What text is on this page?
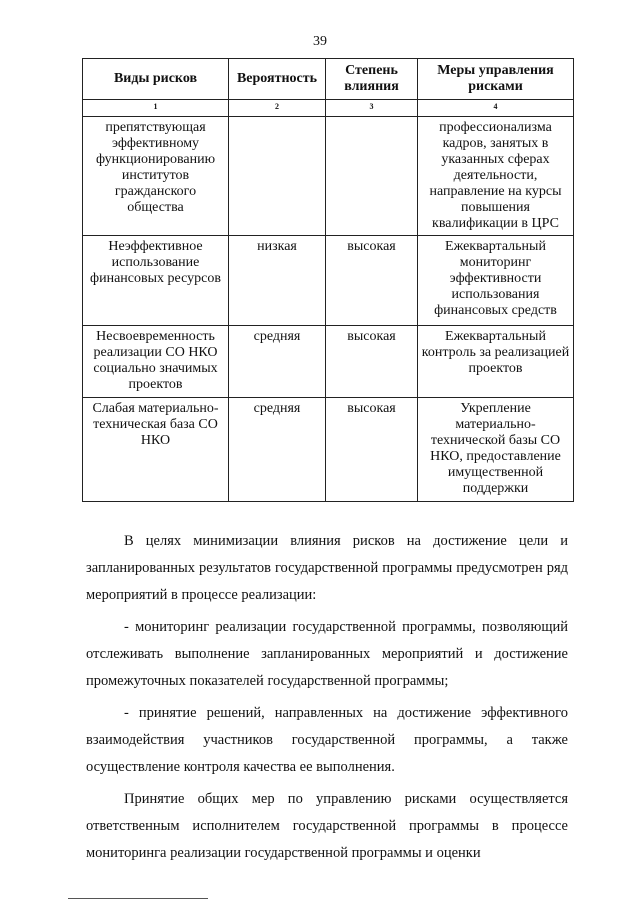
39
Виды рисков	Вероятность	Степень влияния	Меры управления рисками
1	2	3	4
препятствующая эффективному функционированию институтов гражданского общества			профессионализма кадров, занятых в указанных сферах деятельности, направление на курсы повышения квалификации в ЦРС
Неэффективное использование финансовых ресурсов	низкая	высокая	Ежеквартальный мониторинг эффективности использования финансовых средств
Несвоевременность реализации СО НКО социально значимых проектов	средняя	высокая	Ежеквартальный контроль за реализацией проектов
Слабая материально-техническая база СО НКО	средняя	высокая	Укрепление материально-технической базы СО НКО, предоставление имущественной поддержки

В целях минимизации влияния рисков на достижение цели и запланированных результатов государственной программы предусмотрен ряд мероприятий в процессе реализации:

- мониторинг реализации государственной программы, позволяющий отслеживать выполнение запланированных мероприятий и достижение промежуточных показателей государственной программы;

- принятие решений, направленных на достижение эффективного взаимодействия участников государственной программы, а также осуществление контроля качества ее выполнения.

Принятие общих мер по управлению рисками осуществляется ответственным исполнителем государственной программы в процессе мониторинга реализации государственной программы и оценки
